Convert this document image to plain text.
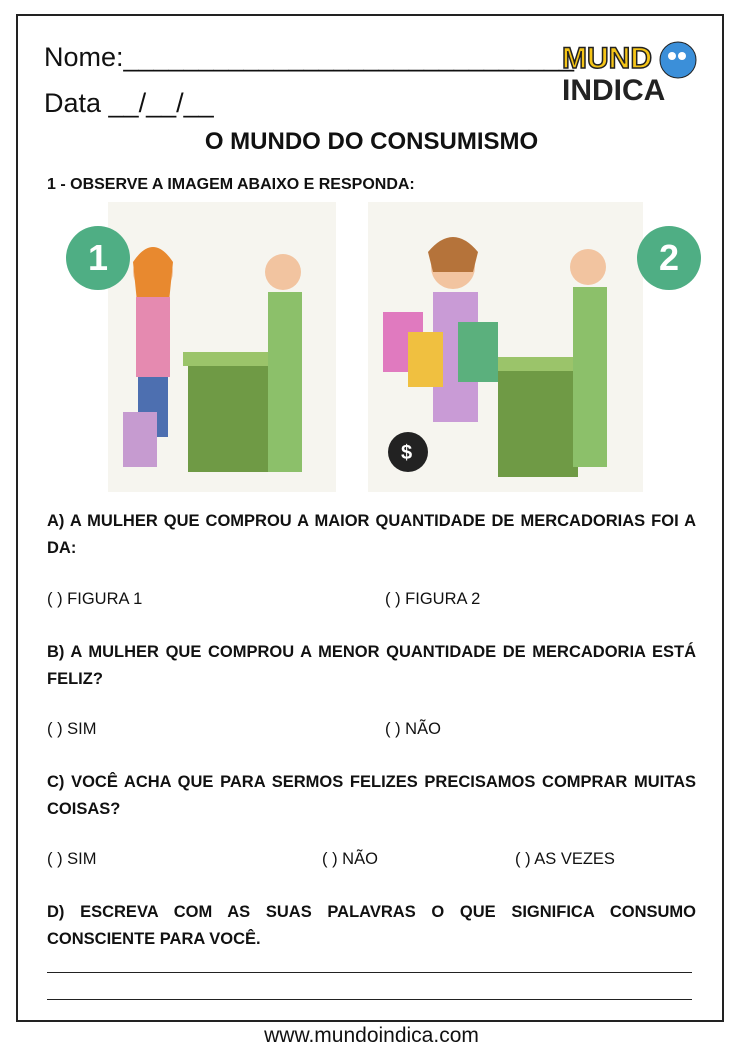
Nome:______________________________
Data __/__/__
MUND
INDICA
O MUNDO DO CONSUMISMO
1 - OBSERVE A IMAGEM ABAIXO E RESPONDA:
$
1	2
A) A MULHER QUE COMPROU A MAIOR QUANTIDADE DE MERCADORIAS FOI A DA:
( ) FIGURA 1	( ) FIGURA 2
B) A MULHER QUE COMPROU A MENOR QUANTIDADE DE MERCADORIA ESTÁ FELIZ?
( ) SIM	( ) NÃO
C) VOCÊ ACHA QUE PARA SERMOS FELIZES PRECISAMOS COMPRAR MUITAS COISAS?
( ) SIM	( ) NÃO	( ) AS VEZES
D) ESCREVA COM AS SUAS PALAVRAS O QUE SIGNIFICA CONSUMO CONSCIENTE PARA VOCÊ.
www.mundoindica.com
